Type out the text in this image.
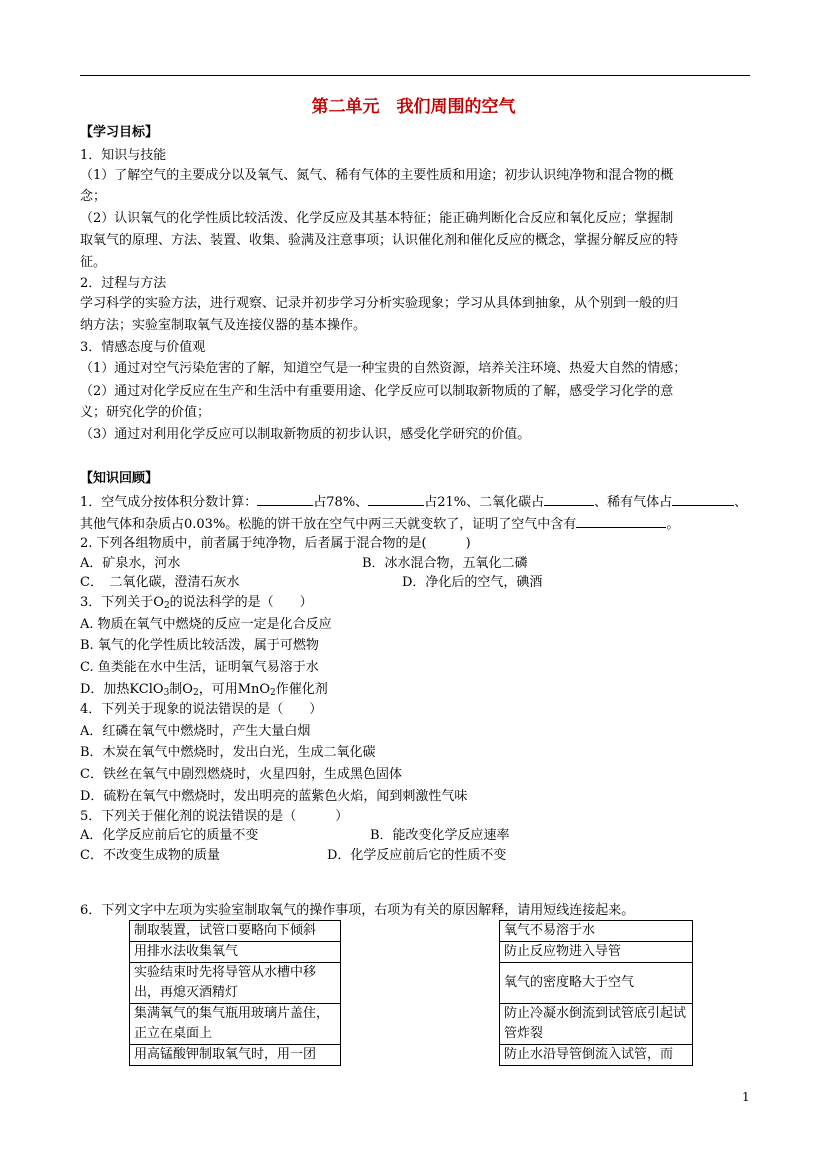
第二单元　我们周围的空气
【学习目标】
1．知识与技能
（1）了解空气的主要成分以及氧气、氮气、稀有气体的主要性质和用途；初步认识纯净物和混合物的概
念；
（2）认识氧气的化学性质比较活泼、化学反应及其基本特征；能正确判断化合反应和氧化反应；掌握制
取氧气的原理、方法、装置、收集、验满及注意事项；认识催化剂和催化反应的概念，掌握分解反应的特
征。
2．过程与方法
学习科学的实验方法，进行观察、记录并初步学习分析实验现象；学习从具体到抽象，从个别到一般的归
纳方法；实验室制取氧气及连接仪器的基本操作。
3．情感态度与价值观
（1）通过对空气污染危害的了解，知道空气是一种宝贵的自然资源，培养关注环境、热爱大自然的情感；
（2）通过对化学反应在生产和生活中有重要用途、化学反应可以制取新物质的了解，感受学习化学的意
义；研究化学的价值；
（3）通过对利用化学反应可以制取新物质的初步认识，感受化学研究的价值。
【知识回顾】
1．空气成分按体积分数计算：	占78%、	占21%、二氧化碳占	、稀有气体占	、
其他气体和杂质占0.03%。松脆的饼干放在空气中两三天就变软了，证明了空气中含有	。
2. 下列各组物质中，前者属于纯净物，后者属于混合物的是(　　　)
A．矿泉水，河水	B．冰水混合物，五氧化二磷
C．　二氧化碳，澄清石灰水	D．净化后的空气，碘酒
3．下列关于$O_2$的说法科学的是（　　）
A. 物质在氧气中燃烧的反应一定是化合反应
B. 氧气的化学性质比较活泼，属于可燃物
C. 鱼类能在水中生活，证明氧气易溶于水
D．加热KClO$_3$制$O_2$，可用MnO$_2$作催化剂
4．下列关于现象的说法错误的是（　　）
A．红磷在氧气中燃烧时，产生大量白烟
B．木炭在氧气中燃烧时，发出白光，生成二氧化碳
C．铁丝在氧气中剧烈燃烧时，火星四射，生成黑色固体
D．硫粉在氧气中燃烧时，发出明亮的蓝紫色火焰，闻到刺激性气味
5．下列关于催化剂的说法错误的是（　　　）
A．化学反应前后它的质量不变	B．能改变化学反应速率
C．不改变生成物的质量	D．化学反应前后它的性质不变
6．下列文字中左项为实验室制取氧气的操作事项，右项为有关的原因解释，请用短线连接起来。
制取装置，试管口要略向下倾斜		氧气不易溶于水
用排水法收集氧气		防止反应物进入导管
实验结束时先将导管从水槽中移出，再熄灭酒精灯		氧气的密度略大于空气
集满氧气的集气瓶用玻璃片盖住，正立在桌面上		防止冷凝水倒流到试管底引起试管炸裂
用高锰酸钾制取氧气时，用一团		防止水沿导管倒流入试管，而
1
